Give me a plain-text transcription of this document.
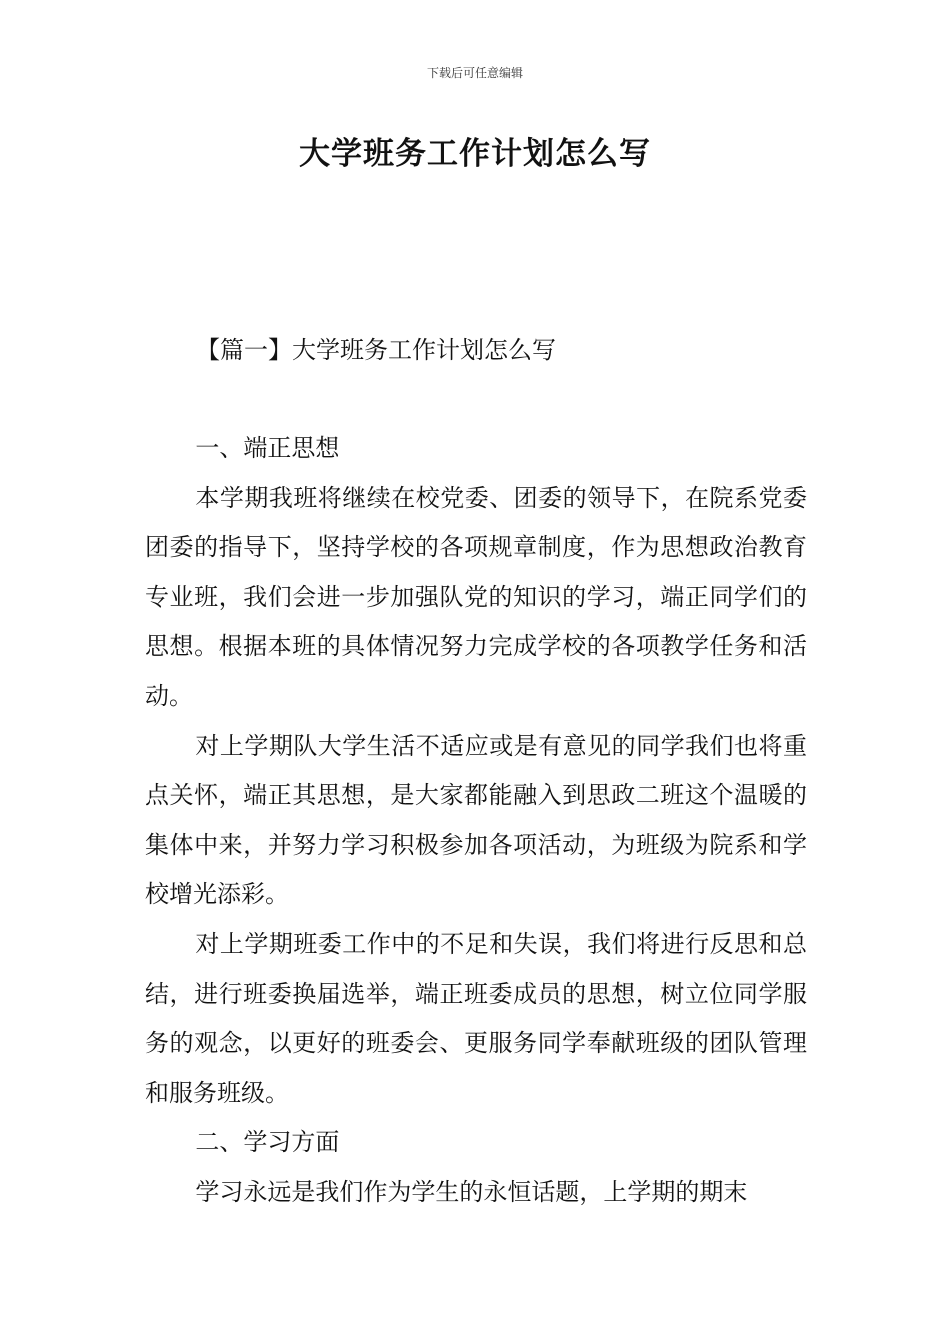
下载后可任意编辑
大学班务工作计划怎么写
【篇一】大学班务工作计划怎么写

一、端正思想

本学期我班将继续在校党委、团委的领导下，在院系党委团委的指导下，坚持学校的各项规章制度，作为思想政治教育专业班，我们会进一步加强队党的知识的学习，端正同学们的思想。根据本班的具体情况努力完成学校的各项教学任务和活动。

对上学期队大学生活不适应或是有意见的同学我们也将重点关怀，端正其思想，是大家都能融入到思政二班这个温暖的集体中来，并努力学习积极参加各项活动，为班级为院系和学校增光添彩。

对上学期班委工作中的不足和失误，我们将进行反思和总结，进行班委换届选举，端正班委成员的思想，树立位同学服务的观念，以更好的班委会、更服务同学奉献班级的团队管理和服务班级。

二、学习方面

学习永远是我们作为学生的永恒话题，上学期的期末
